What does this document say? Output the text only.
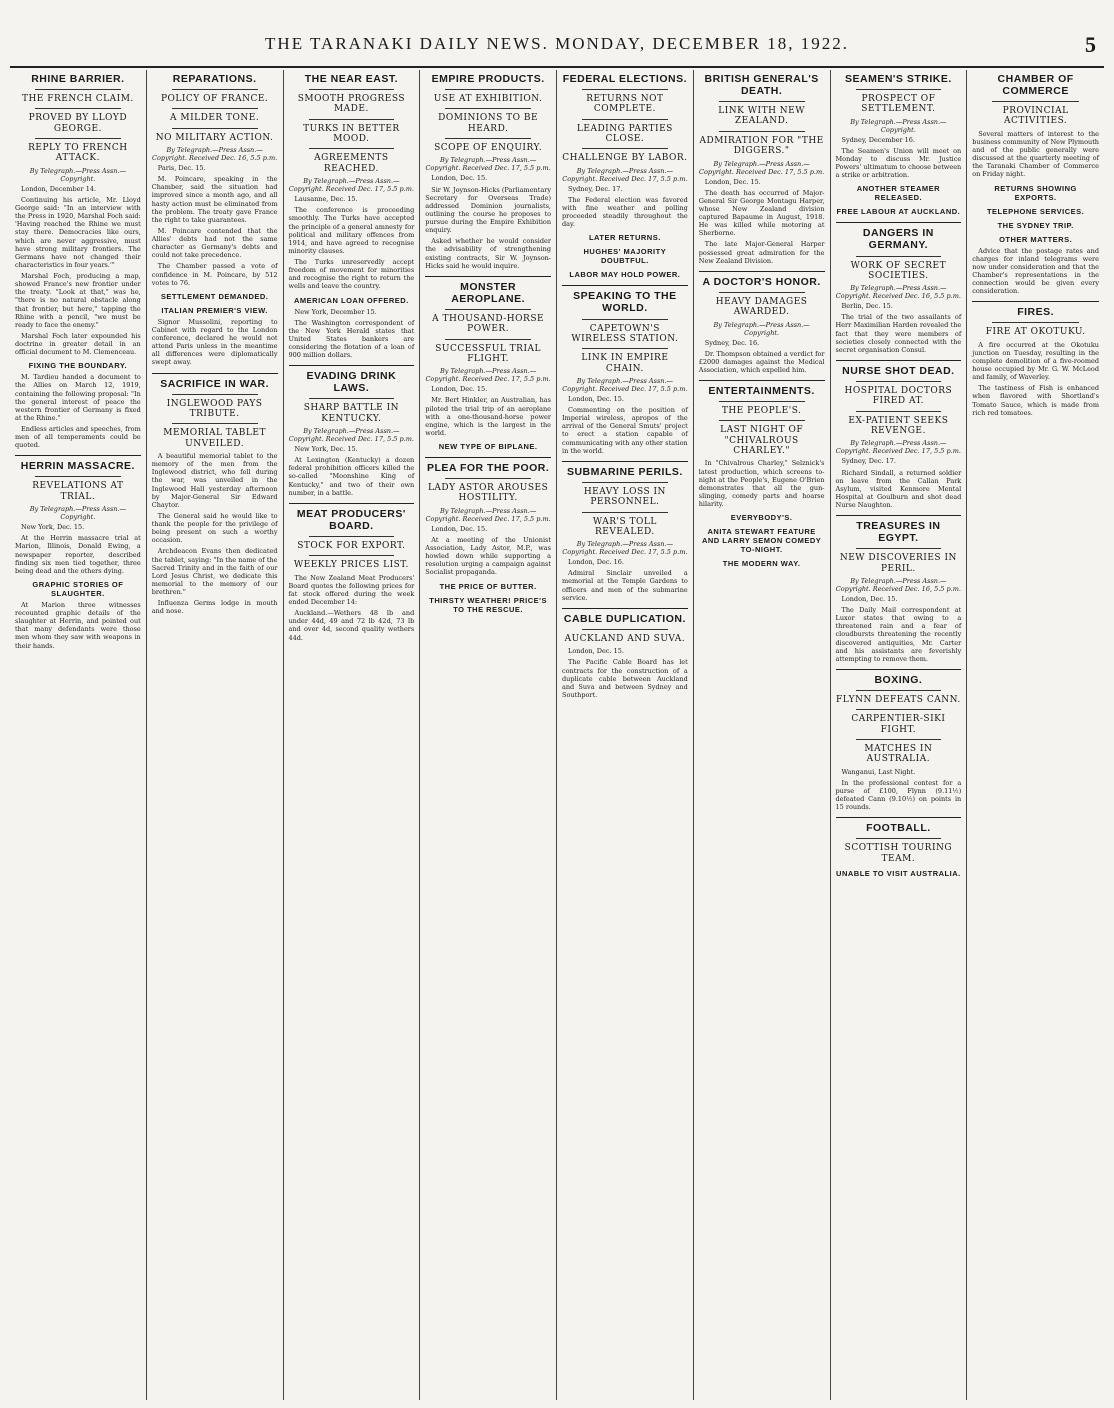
THE TARANAKI DAILY NEWS. MONDAY, DECEMBER 18, 1922.	5
RHINE BARRIER.
THE FRENCH CLAIM.
PROVED BY LLOYD GEORGE.
REPLY TO FRENCH ATTACK.
By Telegraph.—Press Assn.—Copyright.
London, December 14.
Continuing his article, Mr. Lloyd George said: "In an interview with the Press in 1920, Marshal Foch said: 'Having reached the Rhine we must stay there. Democracies like ours, which are never aggressive, must have strong military frontiers. The Germans have not changed their characteristics in four years.'"
Marshal Foch, producing a map, showed France's new frontier under the treaty. "Look at that," was he, "there is no natural obstacle along that frontier, but here," tapping the Rhine with a pencil, "we must be ready to face the enemy."
Marshal Foch later expounded his doctrine in greater detail in an official document to M. Clemenceau.
FIXING THE BOUNDARY.
M. Tardieu handed a document to the Allies on March 12, 1919, containing the following proposal: "In the general interest of peace the western frontier of Germany is fixed at the Rhine."
Endless articles and speeches, from men of all temperaments could be quoted.
HERRIN MASSACRE.
REVELATIONS AT TRIAL.
By Telegraph.—Press Assn.—Copyright.
New York, Dec. 15.
At the Herrin massacre trial at Marion, Illinois, Donald Ewing, a newspaper reporter, described finding six men tied together, three being dead and the others dying.
GRAPHIC STORIES OF SLAUGHTER.
At Marion three witnesses recounted graphic details of the slaughter at Herrin, and pointed out that many defendants were those men whom they saw with weapons in their hands.
REPARATIONS.
POLICY OF FRANCE.
A MILDER TONE.
NO MILITARY ACTION.
By Telegraph.—Press Assn.—Copyright. Received Dec. 16, 5.5 p.m.
Paris, Dec. 15.
M. Poincare, speaking in the Chamber, said the situation had improved since a month ago, and all hasty action must be eliminated from the problem. The treaty gave France the right to take guarantees.
M. Poincare contended that the Allies' debts had not the same character as Germany's debts and could not take precedence.
The Chamber passed a vote of confidence in M. Poincare, by 512 votes to 76.
SETTLEMENT DEMANDED.
ITALIAN PREMIER'S VIEW.
Signor Mussolini, reporting to Cabinet with regard to the London conference, declared he would not attend Paris unless in the meantime all differences were diplomatically swept away.
SACRIFICE IN WAR.
INGLEWOOD PAYS TRIBUTE.
MEMORIAL TABLET UNVEILED.
A beautiful memorial tablet to the memory of the men from the Inglewood district, who fell during the war, was unveiled in the Inglewood Hall yesterday afternoon by Major-General Sir Edward Chaytor.
The General said he would like to thank the people for the privilege of being present on such a worthy occasion.
Archdeacon Evans then dedicated the tablet, saying: "In the name of the Sacred Trinity and in the faith of our Lord Jesus Christ, we dedicate this memorial to the memory of our brethren."
Influenza Germs lodge in mouth and nose.
THE NEAR EAST.
SMOOTH PROGRESS MADE.
TURKS IN BETTER MOOD.
AGREEMENTS REACHED.
By Telegraph.—Press Assn.—Copyright. Received Dec. 17, 5.5 p.m.
Lausanne, Dec. 15.
The conference is proceeding smoothly. The Turks have accepted the principle of a general amnesty for political and military offences from 1914, and have agreed to recognise minority clauses.
The Turks unreservedly accept freedom of movement for minorities and recognise the right to return the wells and leave the country.
AMERICAN LOAN OFFERED.
New York, December 15.
The Washington correspondent of the New York Herald states that United States bankers are considering the flotation of a loan of 900 million dollars.
EVADING DRINK LAWS.
SHARP BATTLE IN KENTUCKY.
By Telegraph.—Press Assn.—Copyright. Received Dec. 17, 5.5 p.m.
New York, Dec. 15.
At Lexington (Kentucky) a dozen federal prohibition officers killed the so-called "Moonshine King of Kentucky," and two of their own number, in a battle.
MEAT PRODUCERS' BOARD.
STOCK FOR EXPORT.
WEEKLY PRICES LIST.
The New Zealand Meat Producers' Board quotes the following prices for fat stock offered during the week ended December 14:
Auckland.—Wethers 48 lb and under 44d, 49 and 72 lb 42d, 73 lb and over 4d, second quality wethers 44d.
EMPIRE PRODUCTS.
USE AT EXHIBITION.
DOMINIONS TO BE HEARD.
SCOPE OF ENQUIRY.
By Telegraph.—Press Assn.—Copyright. Received Dec. 17, 5.5 p.m.
London, Dec. 15.
Sir W. Joynson-Hicks (Parliamentary Secretary for Overseas Trade) addressed Dominion journalists, outlining the course he proposes to pursue during the Empire Exhibition enquiry.
Asked whether he would consider the advisability of strengthening existing contracts, Sir W. Joynson-Hicks said he would inquire.
MONSTER AEROPLANE.
A THOUSAND-HORSE POWER.
SUCCESSFUL TRIAL FLIGHT.
By Telegraph.—Press Assn.—Copyright. Received Dec. 17, 5.5 p.m.
London, Dec. 15.
Mr. Bert Hinkler, an Australian, has piloted the trial trip of an aeroplane with a one-thousand-horse power engine, which is the largest in the world.
NEW TYPE OF BIPLANE.
PLEA FOR THE POOR.
LADY ASTOR AROUSES HOSTILITY.
By Telegraph.—Press Assn.—Copyright. Received Dec. 17, 5.5 p.m.
London, Dec. 15.
At a meeting of the Unionist Association, Lady Astor, M.P., was howled down while supporting a resolution urging a campaign against Socialist propaganda.
THE PRICE OF BUTTER.
THIRSTY WEATHER! PRICE'S TO THE RESCUE.
FEDERAL ELECTIONS.
RETURNS NOT COMPLETE.
LEADING PARTIES CLOSE.
CHALLENGE BY LABOR.
By Telegraph.—Press Assn.—Copyright. Received Dec. 17, 5.5 p.m.
Sydney, Dec. 17.
The Federal election was favored with fine weather and polling proceeded steadily throughout the day.
LATER RETURNS.
HUGHES' MAJORITY DOUBTFUL.
LABOR MAY HOLD POWER.
SPEAKING TO THE WORLD.
CAPETOWN'S WIRELESS STATION.
LINK IN EMPIRE CHAIN.
By Telegraph.—Press Assn.—Copyright. Received Dec. 17, 5.5 p.m.
London, Dec. 15.
Commenting on the position of Imperial wireless, apropos of the arrival of the General Smuts' project to erect a station capable of communicating with any other station in the world.
SUBMARINE PERILS.
HEAVY LOSS IN PERSONNEL.
WAR'S TOLL REVEALED.
By Telegraph.—Press Assn.—Copyright. Received Dec. 17, 5.5 p.m.
London, Dec. 16.
Admiral Sinclair unveiled a memorial at the Temple Gardens to officers and men of the submarine service.
CABLE DUPLICATION.
AUCKLAND AND SUVA.
London, Dec. 15.
The Pacific Cable Board has let contracts for the construction of a duplicate cable between Auckland and Suva and between Sydney and Southport.
BRITISH GENERAL'S DEATH.
LINK WITH NEW ZEALAND.
ADMIRATION FOR "THE DIGGERS."
By Telegraph.—Press Assn.—Copyright. Received Dec. 17, 5.5 p.m.
London, Dec. 15.
The death has occurred of Major-General Sir George Montagu Harper, whose New Zealand division captured Bapaume in August, 1918. He was killed while motoring at Sherborne.
The late Major-General Harper possessed great admiration for the New Zealand Division.
A DOCTOR'S HONOR.
HEAVY DAMAGES AWARDED.
By Telegraph.—Press Assn.—Copyright.
Sydney, Dec. 16.
Dr. Thompson obtained a verdict for £2000 damages against the Medical Association, which expelled him.
ENTERTAINMENTS.
THE PEOPLE'S.
LAST NIGHT OF "CHIVALROUS CHARLEY."
In "Chivalrous Charley," Selznick's latest production, which screens to-night at the People's, Eugene O'Brien demonstrates that all the gun-slinging, comedy parts and hoarse hilarity.
EVERYBODY'S.
ANITA STEWART FEATURE AND LARRY SEMON COMEDY TO-NIGHT.
THE MODERN WAY.
SEAMEN'S STRIKE.
PROSPECT OF SETTLEMENT.
By Telegraph.—Press Assn.—Copyright.
Sydney, December 16.
The Seamen's Union will meet on Monday to discuss Mr. Justice Powers' ultimatum to choose between a strike or arbitration.
ANOTHER STEAMER RELEASED.
FREE LABOUR AT AUCKLAND.
DANGERS IN GERMANY.
WORK OF SECRET SOCIETIES.
By Telegraph.—Press Assn.—Copyright. Received Dec. 16, 5.5 p.m.
Berlin, Dec. 15.
The trial of the two assailants of Herr Maximilian Harden revealed the fact that they were members of societies closely connected with the secret organisation Consul.
NURSE SHOT DEAD.
HOSPITAL DOCTORS FIRED AT.
EX-PATIENT SEEKS REVENGE.
By Telegraph.—Press Assn.—Copyright. Received Dec. 17, 5.5 p.m.
Sydney, Dec. 17.
Richard Sindall, a returned soldier on leave from the Callan Park Asylum, visited Kenmore Mental Hospital at Goulburn and shot dead Nurse Naughton.
TREASURES IN EGYPT.
NEW DISCOVERIES IN PERIL.
By Telegraph.—Press Assn.—Copyright. Received Dec. 16, 5.5 p.m.
London, Dec. 15.
The Daily Mail correspondent at Luxor states that owing to a threatened rain and a fear of cloudbursts threatening the recently discovered antiquities, Mr. Carter and his assistants are feverishly attempting to remove them.
BOXING.
FLYNN DEFEATS CANN.
CARPENTIER-SIKI FIGHT.
MATCHES IN AUSTRALIA.
Wanganui, Last Night.
In the professional contest for a purse of £100, Flynn (9.11½) defeated Cann (9.10½) on points in 15 rounds.
FOOTBALL.
SCOTTISH TOURING TEAM.
UNABLE TO VISIT AUSTRALIA.
CHAMBER OF COMMERCE
PROVINCIAL ACTIVITIES.
Several matters of interest to the business community of New Plymouth and of the public generally were discussed at the quarterly meeting of the Taranaki Chamber of Commerce on Friday night.
RETURNS SHOWING EXPORTS.
TELEPHONE SERVICES.
THE SYDNEY TRIP.
OTHER MATTERS.
Advice that the postage rates and charges for inland telegrams were now under consideration and that the Chamber's representations in the connection would be given every consideration.
FIRES.
FIRE AT OKOTUKU.
A fire occurred at the Okotuku junction on Tuesday, resulting in the complete demolition of a five-roomed house occupied by Mr. G. W. McLeod and family, of Waverley.
The tastiness of Fish is enhanced when flavored with Shortland's Tomato Sauce, which is made from rich red tomatoes.
